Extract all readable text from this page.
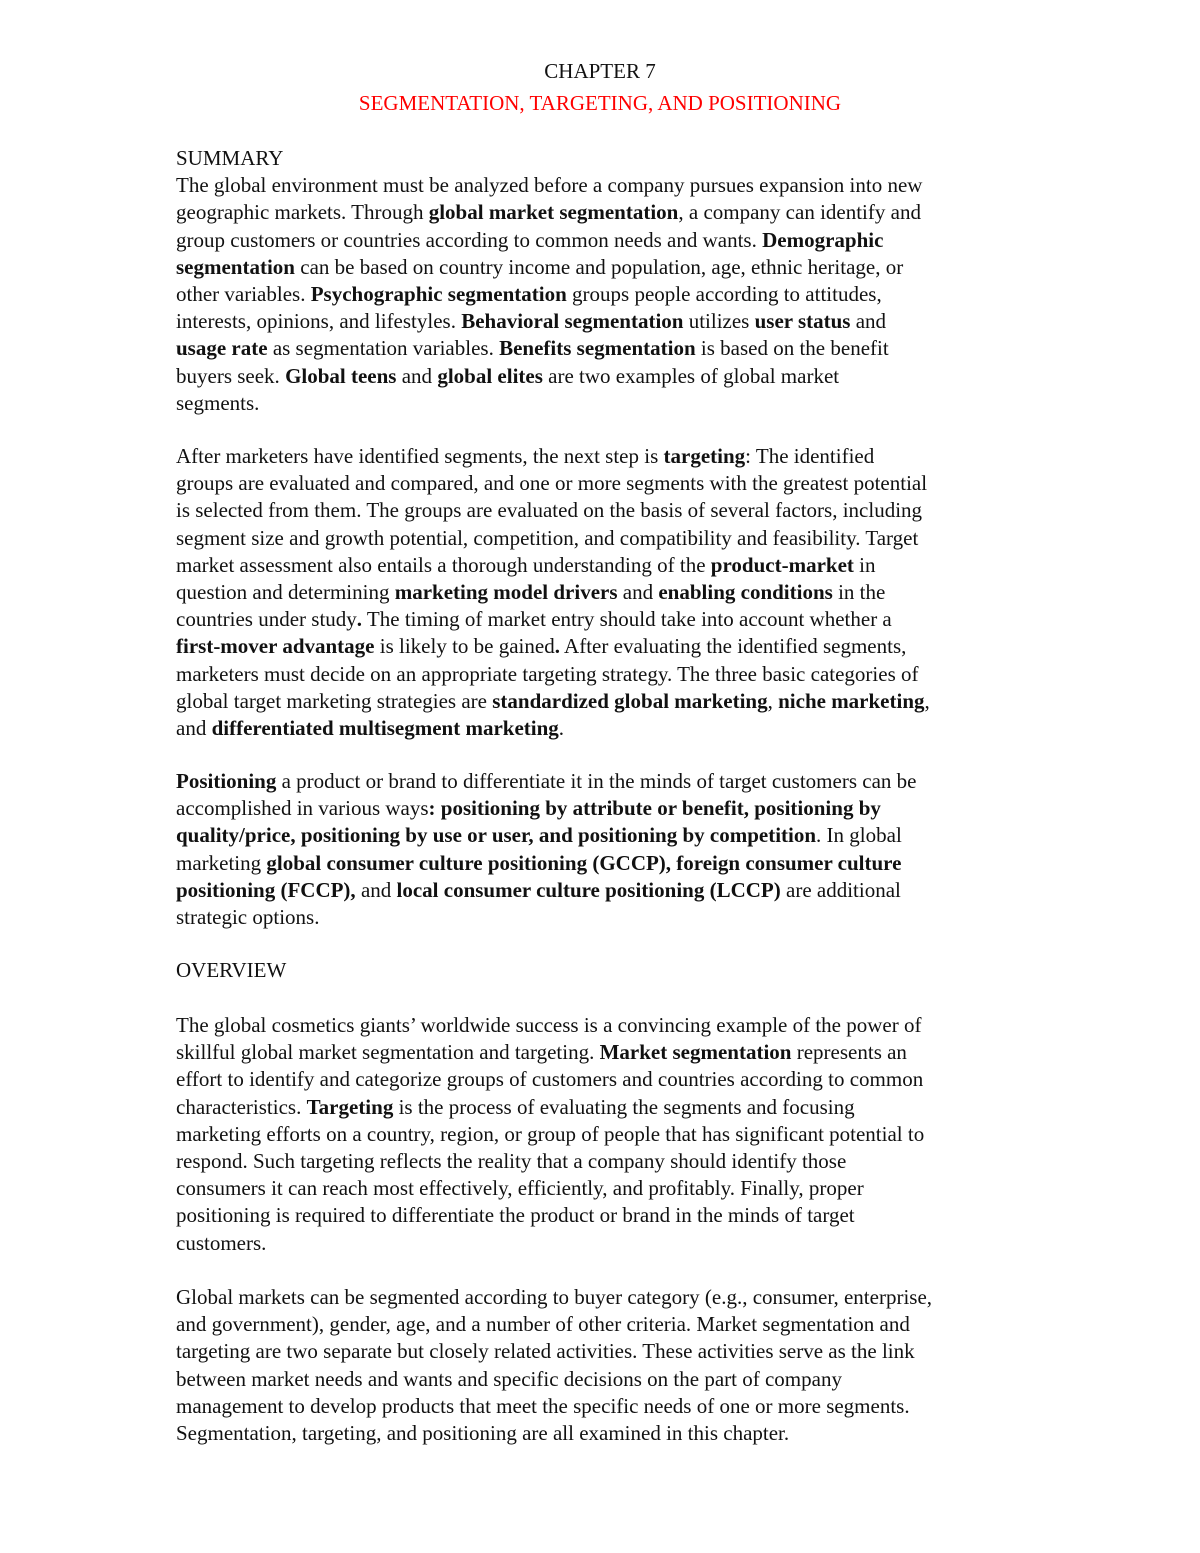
CHAPTER 7
SEGMENTATION, TARGETING, AND POSITIONING
SUMMARY
The global environment must be analyzed before a company pursues expansion into new
geographic markets. Through global market segmentation, a company can identify and
group customers or countries according to common needs and wants. Demographic
segmentation can be based on country income and population, age, ethnic heritage, or
other variables. Psychographic segmentation groups people according to attitudes,
interests, opinions, and lifestyles. Behavioral segmentation utilizes user status and
usage rate as segmentation variables. Benefits segmentation is based on the benefit
buyers seek. Global teens and global elites are two examples of global market
segments.
After marketers have identified segments, the next step is targeting: The identified
groups are evaluated and compared, and one or more segments with the greatest potential
is selected from them. The groups are evaluated on the basis of several factors, including
segment size and growth potential, competition, and compatibility and feasibility. Target
market assessment also entails a thorough understanding of the product-market in
question and determining marketing model drivers and enabling conditions in the
countries under study. The timing of market entry should take into account whether a
first-mover advantage is likely to be gained. After evaluating the identified segments,
marketers must decide on an appropriate targeting strategy. The three basic categories of
global target marketing strategies are standardized global marketing, niche marketing,
and differentiated multisegment marketing.
Positioning a product or brand to differentiate it in the minds of target customers can be
accomplished in various ways: positioning by attribute or benefit, positioning by
quality/price, positioning by use or user, and positioning by competition. In global
marketing global consumer culture positioning (GCCP), foreign consumer culture
positioning (FCCP), and local consumer culture positioning (LCCP) are additional
strategic options.
OVERVIEW
The global cosmetics giants’ worldwide success is a convincing example of the power of
skillful global market segmentation and targeting. Market segmentation represents an
effort to identify and categorize groups of customers and countries according to common
characteristics. Targeting is the process of evaluating the segments and focusing
marketing efforts on a country, region, or group of people that has significant potential to
respond. Such targeting reflects the reality that a company should identify those
consumers it can reach most effectively, efficiently, and profitably. Finally, proper
positioning is required to differentiate the product or brand in the minds of target
customers.
Global markets can be segmented according to buyer category (e.g., consumer, enterprise,
and government), gender, age, and a number of other criteria. Market segmentation and
targeting are two separate but closely related activities. These activities serve as the link
between market needs and wants and specific decisions on the part of company
management to develop products that meet the specific needs of one or more segments.
Segmentation, targeting, and positioning are all examined in this chapter.
